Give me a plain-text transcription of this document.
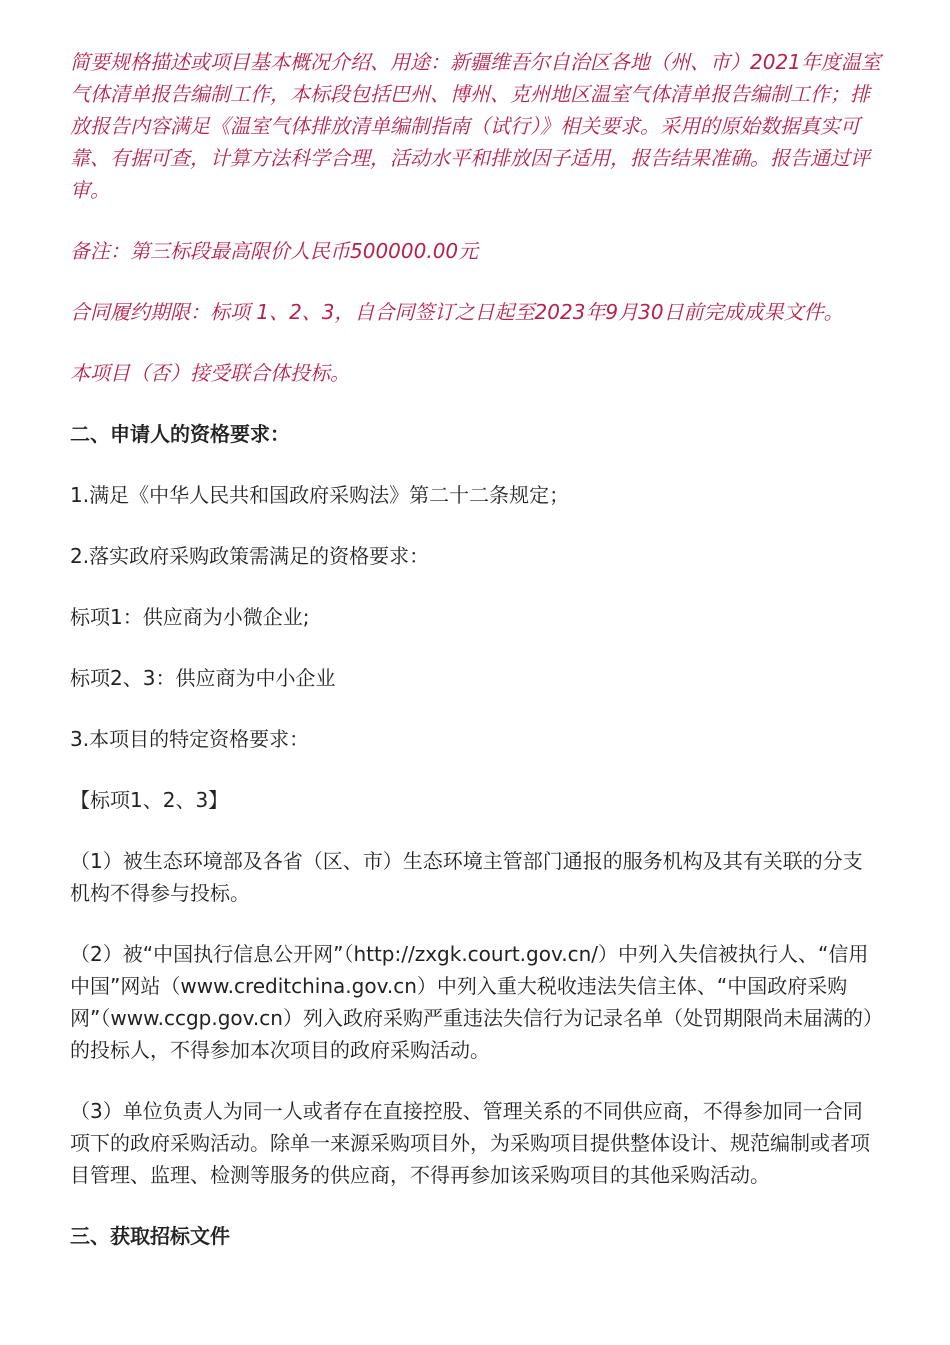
简要规格描述或项目基本概况介绍、用途：新疆维吾尔自治区各地（州、市）2021年度温室气体清单报告编制工作，本标段包括巴州、博州、克州地区温室气体清单报告编制工作；排放报告内容满足《温室气体排放清单编制指南（试行）》相关要求。采用的原始数据真实可靠、有据可查，计算方法科学合理，活动水平和排放因子适用，报告结果准确。报告通过评审。

备注：第三标段最高限价人民币500000.00元

合同履约期限：标项 1、2、3，自合同签订之日起至2023年9月30日前完成成果文件。

本项目（否）接受联合体投标。

二、申请人的资格要求：

1.满足《中华人民共和国政府采购法》第二十二条规定；

2.落实政府采购政策需满足的资格要求：

标项1：供应商为小微企业;

标项2、3：供应商为中小企业

3.本项目的特定资格要求：

【标项1、2、3】

（1）被生态环境部及各省（区、市）生态环境主管部门通报的服务机构及其有关联的分支机构不得参与投标。

（2）被“中国执行信息公开网”（http://zxgk.court.gov.cn/）中列入失信被执行人、“信用中国”网站（www.creditchina.gov.cn）中列入重大税收违法失信主体、“中国政府采购网”（www.ccgp.gov.cn）列入政府采购严重违法失信行为记录名单（处罚期限尚未届满的）的投标人，不得参加本次项目的政府采购活动。

（3）单位负责人为同一人或者存在直接控股、管理关系的不同供应商，不得参加同一合同项下的政府采购活动。除单一来源采购项目外，为采购项目提供整体设计、规范编制或者项目管理、监理、检测等服务的供应商，不得再参加该采购项目的其他采购活动。

三、获取招标文件
